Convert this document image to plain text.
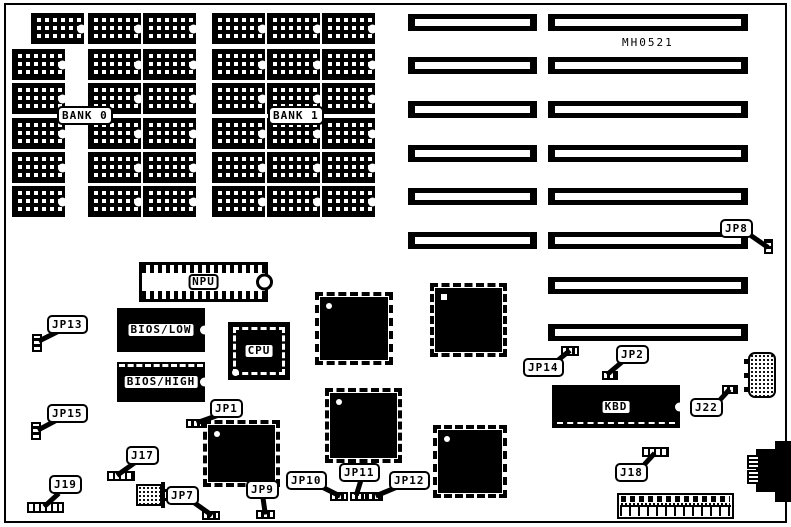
MH0521
BANK 0	BANK 1
NPU
BIOS/LOW
BIOS/HIGH
CPU
KBD
JP1
JP2
JP7
JP8
JP9
JP10
JP11
JP12
JP13
JP14
JP15
J17
J18
J19
J22
